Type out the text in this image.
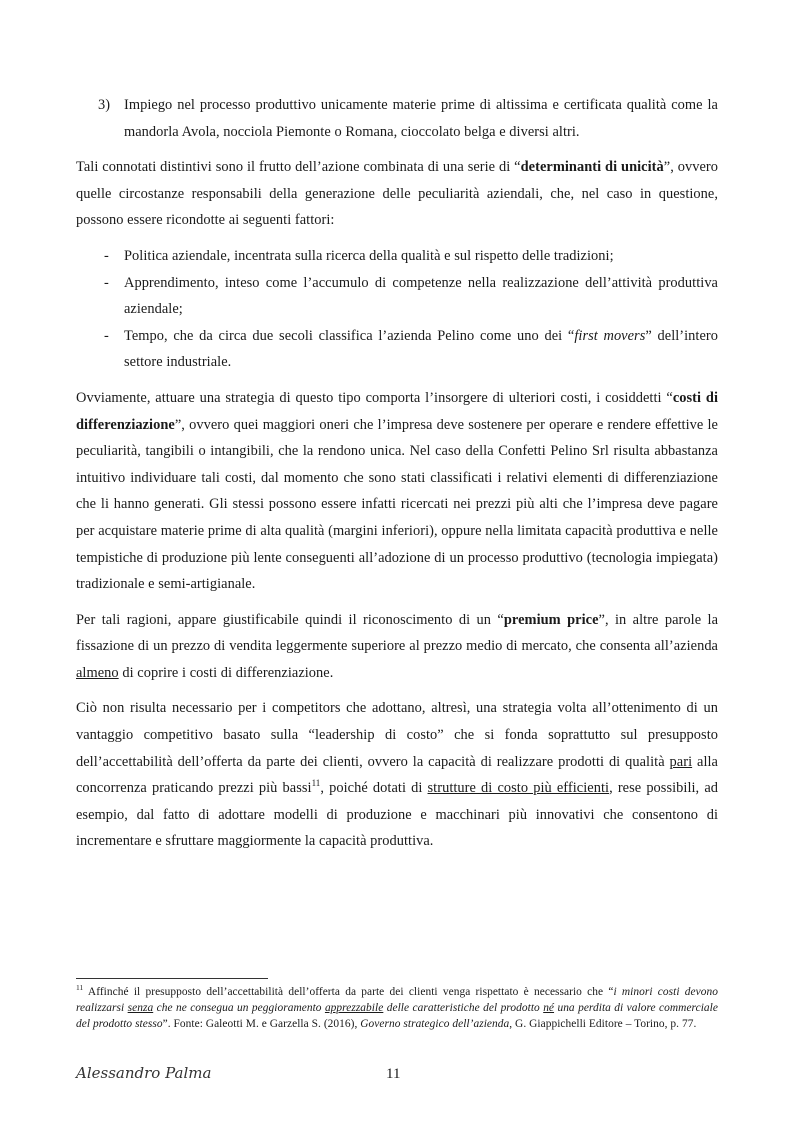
3) Impiego nel processo produttivo unicamente materie prime di altissima e certificata qualità come la mandorla Avola, nocciola Piemonte o Romana, cioccolato belga e diversi altri.

Tali connotati distintivi sono il frutto dell’azione combinata di una serie di “determinanti di unicità”, ovvero quelle circostanze responsabili della generazione delle peculiarità aziendali, che, nel caso in questione, possono essere ricondotte ai seguenti fattori:

-	Politica aziendale, incentrata sulla ricerca della qualità e sul rispetto delle tradizioni;
-	Apprendimento, inteso come l’accumulo di competenze nella realizzazione dell’attività produttiva aziendale;
-	Tempo, che da circa due secoli classifica l’azienda Pelino come uno dei “first movers” dell’intero settore industriale.

Ovviamente, attuare una strategia di questo tipo comporta l’insorgere di ulteriori costi, i cosiddetti “costi di differenziazione”, ovvero quei maggiori oneri che l’impresa deve sostenere per operare e rendere effettive le peculiarità, tangibili o intangibili, che la rendono unica. Nel caso della Confetti Pelino Srl risulta abbastanza intuitivo individuare tali costi, dal momento che sono stati classificati i relativi elementi di differenziazione che li hanno generati. Gli stessi possono essere infatti ricercati nei prezzi più alti che l’impresa deve pagare per acquistare materie prime di alta qualità (margini inferiori), oppure nella limitata capacità produttiva e nelle tempistiche di produzione più lente conseguenti all’adozione di un processo produttivo (tecnologia impiegata) tradizionale e semi-artigianale.

Per tali ragioni, appare giustificabile quindi il riconoscimento di un “premium price”, in altre parole la fissazione di un prezzo di vendita leggermente superiore al prezzo medio di mercato, che consenta all’azienda almeno di coprire i costi di differenziazione.

Ciò non risulta necessario per i competitors che adottano, altresì, una strategia volta all’ottenimento di un vantaggio competitivo basato sulla “leadership di costo” che si fonda soprattutto sul presupposto dell’accettabilità dell’offerta da parte dei clienti, ovvero la capacità di realizzare prodotti di qualità pari alla concorrenza praticando prezzi più bassi$^{11}$, poiché dotati di strutture di costo più efficienti, rese possibili, ad esempio, dal fatto di adottare modelli di produzione e macchinari più innovativi che consentono di incrementare e sfruttare maggiormente la capacità produttiva.

$^{11}$ Affinché il presupposto dell’accettabilità dell’offerta da parte dei clienti venga rispettato è necessario che “i minori costi devono realizzarsi senza che ne consegua un peggioramento apprezzabile delle caratteristiche del prodotto né una perdita di valore commerciale del prodotto stesso”. Fonte: Galeotti M. e Garzella S. (2016), Governo strategico dell’azienda, G. Giappichelli Editore – Torino, p. 77.

Alessandro Palma	11
